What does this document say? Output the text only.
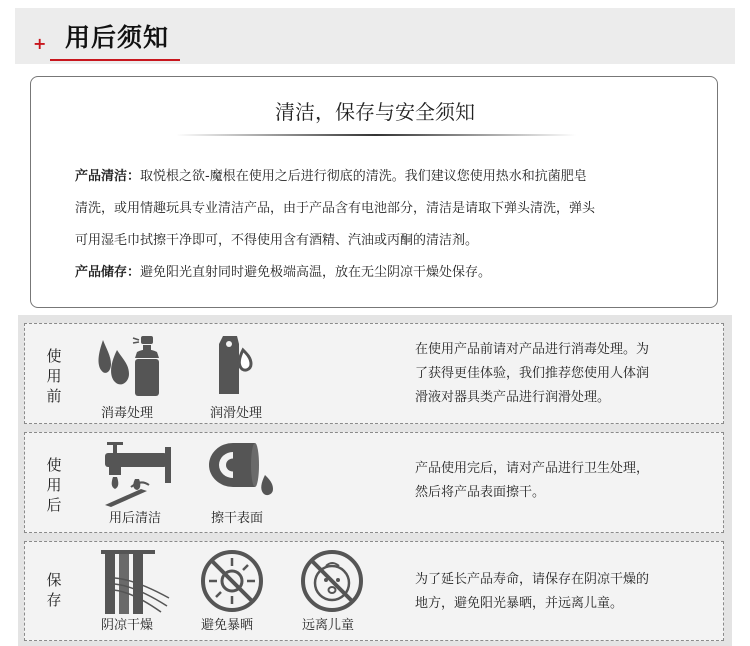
+ 用后须知
清洁，保存与安全须知
产品清洁：取悦根之欲-魔根在使用之后进行彻底的清洗。我们建议您使用热水和抗菌肥皂
清洗，或用情趣玩具专业清洁产品，由于产品含有电池部分，清洁是请取下弹头清洗，弹头
可用湿毛巾拭擦干净即可，不得使用含有酒精、汽油或丙酮的清洁剂。
产品储存：避免阳光直射同时避免极端高温，放在无尘阴凉干燥处保存。
使
用
前
消毒处理	润滑处理
在使用产品前请对产品进行消毒处理。为
了获得更佳体验，我们推荐您使用人体润
滑液对器具类产品进行润滑处理。
使
用
后
用后清洁	擦干表面
产品使用完后，请对产品进行卫生处理，
然后将产品表面擦干。
保
存
阴凉干燥	避免暴晒	远离儿童
为了延长产品寿命，请保存在阴凉干燥的
地方，避免阳光暴晒，并远离儿童。
